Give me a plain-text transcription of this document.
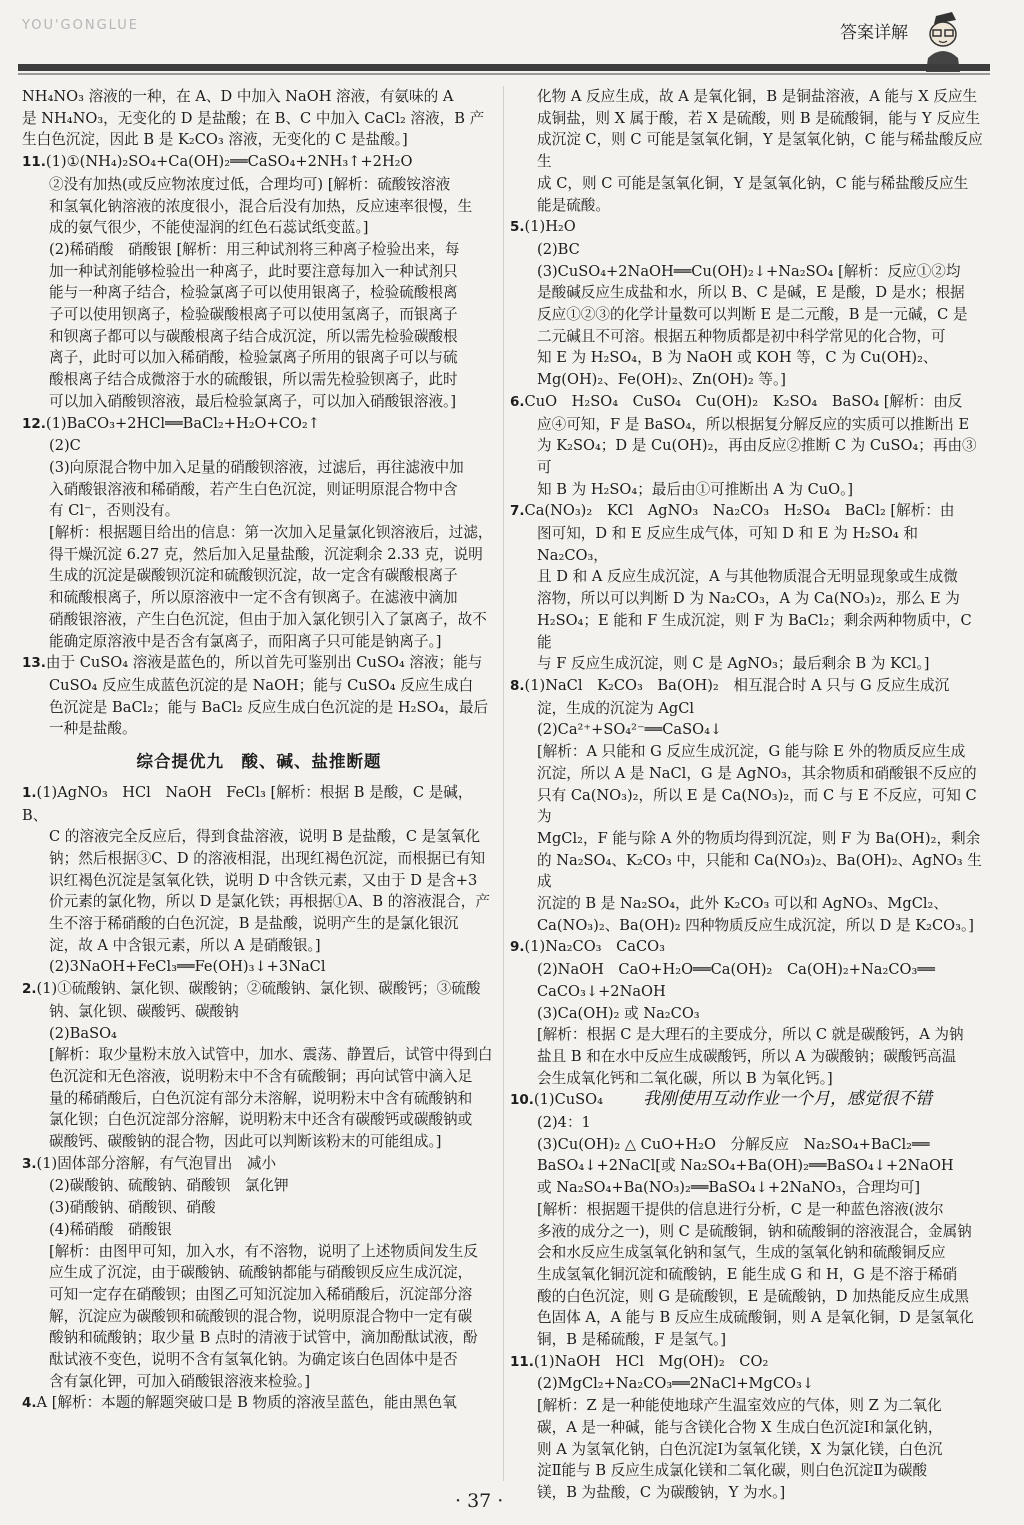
YOU'GONGLUE	答案详解

NH₄NO₃ 溶液的一种，在 A、D 中加入 NaOH 溶液，有氨味的 A

是 NH₄NO₃，无变化的 D 是盐酸；在 B、C 中加入 CaCl₂ 溶液，B 产

生白色沉淀，因此 B 是 K₂CO₃ 溶液，无变化的 C 是盐酸。]

11.(1)①(NH₄)₂SO₄+Ca(OH)₂══CaSO₄+2NH₃↑+2H₂O

②没有加热(或反应物浓度过低，合理均可) [解析：硫酸铵溶液

和氢氧化钠溶液的浓度很小，混合后没有加热，反应速率很慢，生

成的氨气很少，不能使湿润的红色石蕊试纸变蓝。]

(2)稀硝酸　硝酸银 [解析：用三种试剂将三种离子检验出来，每

加一种试剂能够检验出一种离子，此时要注意每加入一种试剂只

能与一种离子结合，检验氯离子可以使用银离子，检验硫酸根离

子可以使用钡离子，检验碳酸根离子可以使用氢离子，而银离子

和钡离子都可以与碳酸根离子结合成沉淀，所以需先检验碳酸根

离子，此时可以加入稀硝酸，检验氯离子所用的银离子可以与硫

酸根离子结合成微溶于水的硫酸银，所以需先检验钡离子，此时

可以加入硝酸钡溶液，最后检验氯离子，可以加入硝酸银溶液。]

12.(1)BaCO₃+2HCl══BaCl₂+H₂O+CO₂↑

(2)C

(3)向原混合物中加入足量的硝酸钡溶液，过滤后，再往滤液中加

入硝酸银溶液和稀硝酸，若产生白色沉淀，则证明原混合物中含

有 Cl⁻，否则没有。

[解析：根据题目给出的信息：第一次加入足量氯化钡溶液后，过滤，

得干燥沉淀 6.27 克，然后加入足量盐酸，沉淀剩余 2.33 克，说明

生成的沉淀是碳酸钡沉淀和硫酸钡沉淀，故一定含有碳酸根离子

和硫酸根离子，所以原溶液中一定不含有钡离子。在滤液中滴加

硝酸银溶液，产生白色沉淀，但由于加入氯化钡引入了氯离子，故不

能确定原溶液中是否含有氯离子，而阳离子只可能是钠离子。]

13.由于 CuSO₄ 溶液是蓝色的，所以首先可鉴别出 CuSO₄ 溶液；能与

CuSO₄ 反应生成蓝色沉淀的是 NaOH；能与 CuSO₄ 反应生成白

色沉淀是 BaCl₂；能与 BaCl₂ 反应生成白色沉淀的是 H₂SO₄，最后

一种是盐酸。

综合提优九　酸、碱、盐推断题

1.(1)AgNO₃　HCl　NaOH　FeCl₃ [解析：根据 B 是酸，C 是碱，B、

C 的溶液完全反应后，得到食盐溶液，说明 B 是盐酸，C 是氢氧化

钠；然后根据③C、D 的溶液相混，出现红褐色沉淀，而根据已有知

识红褐色沉淀是氢氧化铁，说明 D 中含铁元素，又由于 D 是含+3

价元素的氯化物，所以 D 是氯化铁；再根据①A、B 的溶液混合，产

生不溶于稀硝酸的白色沉淀，B 是盐酸，说明产生的是氯化银沉

淀，故 A 中含银元素，所以 A 是硝酸银。]

(2)3NaOH+FeCl₃══Fe(OH)₃↓+3NaCl

2.(1)①硫酸钠、氯化钡、碳酸钠；②硫酸钠、氯化钡、碳酸钙；③硫酸

钠、氯化钡、碳酸钙、碳酸钠

(2)BaSO₄

[解析：取少量粉末放入试管中，加水、震荡、静置后，试管中得到白

色沉淀和无色溶液，说明粉末中不含有硫酸铜；再向试管中滴入足

量的稀硝酸后，白色沉淀有部分未溶解，说明粉末中含有硫酸钠和

氯化钡；白色沉淀部分溶解，说明粉末中还含有碳酸钙或碳酸钠或

碳酸钙、碳酸钠的混合物，因此可以判断该粉末的可能组成。]

3.(1)固体部分溶解，有气泡冒出　减小

(2)碳酸钠、硫酸钠、硝酸钡　氯化钾

(3)硝酸钠、硝酸钡、硝酸

(4)稀硝酸　硝酸银

[解析：由图甲可知，加入水，有不溶物，说明了上述物质间发生反

应生成了沉淀，由于碳酸钠、硫酸钠都能与硝酸钡反应生成沉淀，

可知一定存在硝酸钡；由图乙可知沉淀加入稀硝酸后，沉淀部分溶

解，沉淀应为碳酸钡和硫酸钡的混合物，说明原混合物中一定有碳

酸钠和硫酸钠；取少量 B 点时的清液于试管中，滴加酚酞试液，酚

酞试液不变色，说明不含有氢氧化钠。为确定该白色固体中是否

含有氯化钾，可加入硝酸银溶液来检验。]

4.A [解析：本题的解题突破口是 B 物质的溶液呈蓝色，能由黑色氧

化物 A 反应生成，故 A 是氧化铜，B 是铜盐溶液，A 能与 X 反应生

成铜盐，则 X 属于酸，若 X 是硫酸，则 B 是硫酸铜，能与 Y 反应生

成沉淀 C，则 C 可能是氢氧化铜，Y 是氢氧化钠，C 能与稀盐酸反应生

成 C，则 C 可能是氢氧化铜，Y 是氢氧化钠，C 能与稀盐酸反应生

能是硫酸。

5.(1)H₂O

(2)BC

(3)CuSO₄+2NaOH══Cu(OH)₂↓+Na₂SO₄ [解析：反应①②均

是酸碱反应生成盐和水，所以 B、C 是碱，E 是酸，D 是水；根据

反应①②③的化学计量数可以判断 E 是二元酸，B 是一元碱，C 是

二元碱且不可溶。根据五种物质都是初中科学常见的化合物，可

知 E 为 H₂SO₄，B 为 NaOH 或 KOH 等，C 为 Cu(OH)₂、

Mg(OH)₂、Fe(OH)₂、Zn(OH)₂ 等。]

6.CuO　H₂SO₄　CuSO₄　Cu(OH)₂　K₂SO₄　BaSO₄ [解析：由反

应④可知，F 是 BaSO₄，所以根据复分解反应的实质可以推断出 E

为 K₂SO₄；D 是 Cu(OH)₂，再由反应②推断 C 为 CuSO₄；再由③可

知 B 为 H₂SO₄；最后由①可推断出 A 为 CuO。]

7.Ca(NO₃)₂　KCl　AgNO₃　Na₂CO₃　H₂SO₄　BaCl₂ [解析：由

图可知，D 和 E 反应生成气体，可知 D 和 E 为 H₂SO₄ 和 Na₂CO₃，

且 D 和 A 反应生成沉淀，A 与其他物质混合无明显现象或生成微

溶物，所以可以判断 D 为 Na₂CO₃，A 为 Ca(NO₃)₂，那么 E 为

H₂SO₄；E 能和 F 生成沉淀，则 F 为 BaCl₂；剩余两种物质中，C 能

与 F 反应生成沉淀，则 C 是 AgNO₃；最后剩余 B 为 KCl。]

8.(1)NaCl　K₂CO₃　Ba(OH)₂　相互混合时 A 只与 G 反应生成沉

淀，生成的沉淀为 AgCl

(2)Ca²⁺+SO₄²⁻══CaSO₄↓

[解析：A 只能和 G 反应生成沉淀，G 能与除 E 外的物质反应生成

沉淀，所以 A 是 NaCl，G 是 AgNO₃，其余物质和硝酸银不反应的

只有 Ca(NO₃)₂，所以 E 是 Ca(NO₃)₂，而 C 与 E 不反应，可知 C 为

MgCl₂，F 能与除 A 外的物质均得到沉淀，则 F 为 Ba(OH)₂，剩余

的 Na₂SO₄、K₂CO₃ 中，只能和 Ca(NO₃)₂、Ba(OH)₂、AgNO₃ 生成

沉淀的 B 是 Na₂SO₄，此外 K₂CO₃ 可以和 AgNO₃、MgCl₂、

Ca(NO₃)₂、Ba(OH)₂ 四种物质反应生成沉淀，所以 D 是 K₂CO₃。]

9.(1)Na₂CO₃　CaCO₃

(2)NaOH　CaO+H₂O══Ca(OH)₂　Ca(OH)₂+Na₂CO₃══

CaCO₃↓+2NaOH

(3)Ca(OH)₂ 或 Na₂CO₃

[解析：根据 C 是大理石的主要成分，所以 C 就是碳酸钙，A 为钠

盐且 B 和在水中反应生成碳酸钙，所以 A 为碳酸钠；碳酸钙高温

会生成氧化钙和二氧化碳，所以 B 为氧化钙。]

10.(1)CuSO₄ 我刚使用互动作业一个月，感觉很不错

(2)4：1

(3)Cu(OH)₂ △ CuO+H₂O　分解反应　Na₂SO₄+BaCl₂══

BaSO₄↓+2NaCl[或 Na₂SO₄+Ba(OH)₂══BaSO₄↓+2NaOH

或 Na₂SO₄+Ba(NO₃)₂══BaSO₄↓+2NaNO₃，合理均可]

[解析：根据题干提供的信息进行分析，C 是一种蓝色溶液(波尔

多液的成分之一)，则 C 是硫酸铜，钠和硫酸铜的溶液混合，金属钠

会和水反应生成氢氧化钠和氢气，生成的氢氧化钠和硫酸铜反应

生成氢氧化铜沉淀和硫酸钠，E 能生成 G 和 H，G 是不溶于稀硝

酸的白色沉淀，则 G 是硫酸钡，E 是硫酸钠，D 加热能反应生成黑

色固体 A，A 能与 B 反应生成硫酸铜，则 A 是氧化铜，D 是氢氧化

铜，B 是稀硫酸，F 是氢气。]

11.(1)NaOH　HCl　Mg(OH)₂　CO₂

(2)MgCl₂+Na₂CO₃══2NaCl+MgCO₃↓

[解析：Z 是一种能使地球产生温室效应的气体，则 Z 为二氧化

碳，A 是一种碱，能与含镁化合物 X 生成白色沉淀Ⅰ和氯化钠，

则 A 为氢氧化钠，白色沉淀Ⅰ为氢氧化镁，X 为氯化镁，白色沉

淀Ⅱ能与 B 反应生成氯化镁和二氧化碳，则白色沉淀Ⅱ为碳酸

镁，B 为盐酸，C 为碳酸钠，Y 为水。]

· 37 ·
